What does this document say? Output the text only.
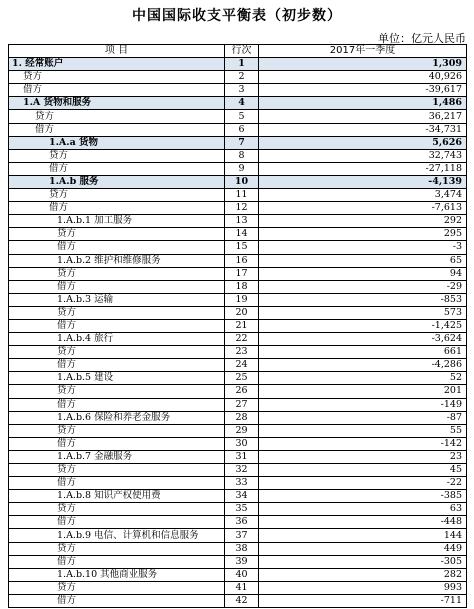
中国国际收支平衡表（初步数）
单位：亿元人民币
项 目	行次	2017年一季度
1. 经常账户	1	1,309
贷方	2	40,926
借方	3	-39,617
1.A 货物和服务	4	1,486
贷方	5	36,217
借方	6	-34,731
1.A.a 货物	7	5,626
贷方	8	32,743
借方	9	-27,118
1.A.b 服务	10	-4,139
贷方	11	3,474
借方	12	-7,613
1.A.b.1 加工服务	13	292
贷方	14	295
借方	15	-3
1.A.b.2 维护和维修服务	16	65
贷方	17	94
借方	18	-29
1.A.b.3 运输	19	-853
贷方	20	573
借方	21	-1,425
1.A.b.4 旅行	22	-3,624
贷方	23	661
借方	24	-4,286
1.A.b.5 建设	25	52
贷方	26	201
借方	27	-149
1.A.b.6 保险和养老金服务	28	-87
贷方	29	55
借方	30	-142
1.A.b.7 金融服务	31	23
贷方	32	45
借方	33	-22
1.A.b.8 知识产权使用费	34	-385
贷方	35	63
借方	36	-448
1.A.b.9 电信、计算机和信息服务	37	144
贷方	38	449
借方	39	-305
1.A.b.10 其他商业服务	40	282
贷方	41	993
借方	42	-711
